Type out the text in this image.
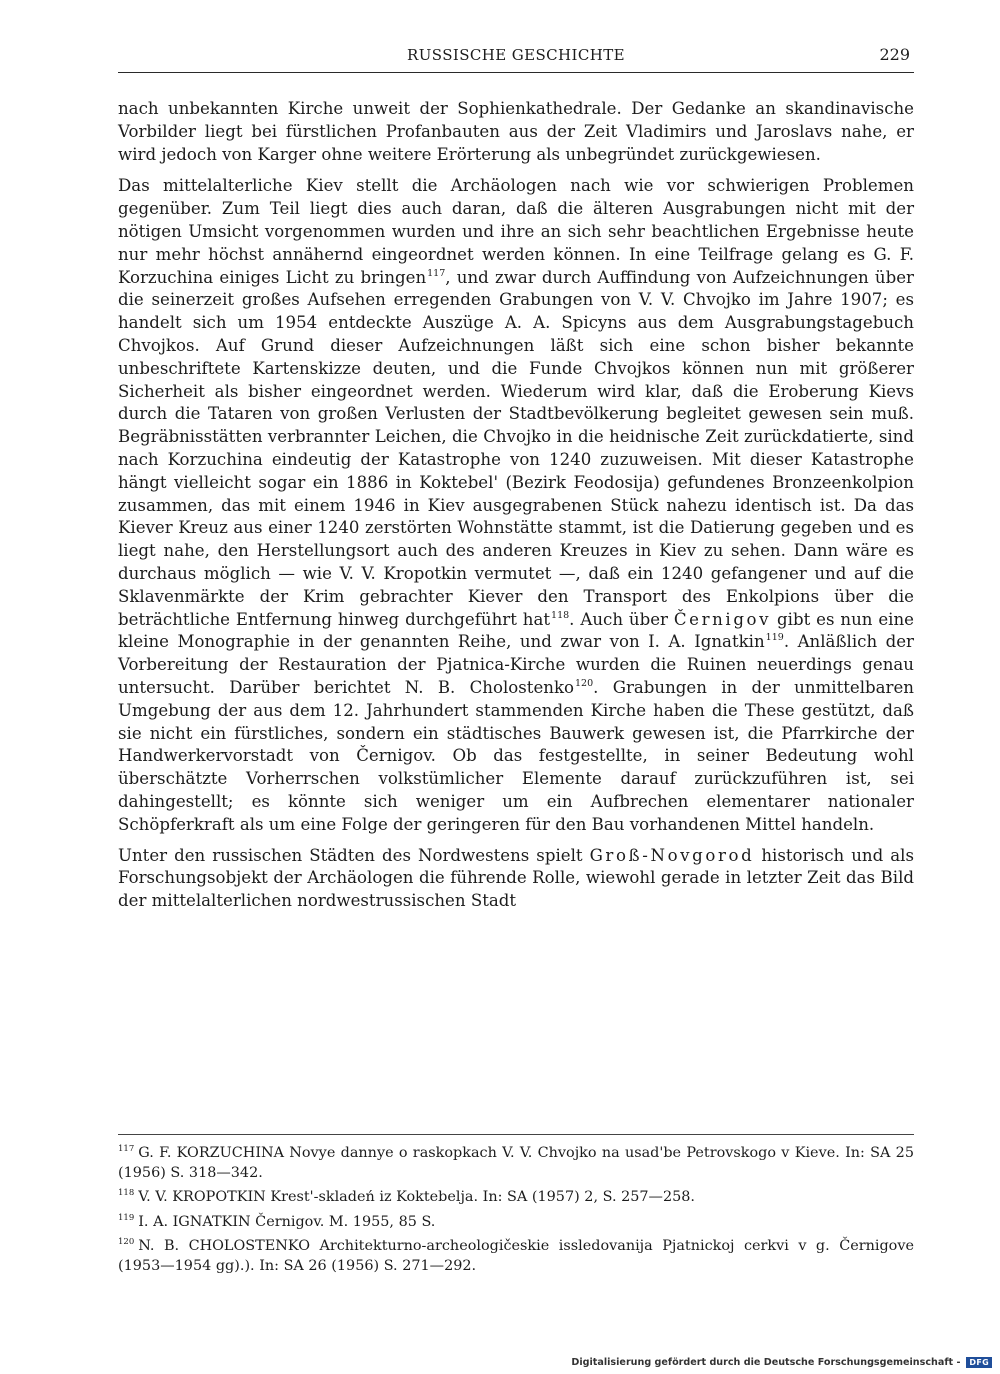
RUSSISCHE GESCHICHTE	229

nach unbekannten Kirche unweit der Sophienkathedrale. Der Gedanke an skandinavische Vorbilder liegt bei fürstlichen Profanbauten aus der Zeit Vladimirs und Jaroslavs nahe, er wird jedoch von Karger ohne weitere Erörterung als unbegründet zurückgewiesen.

Das mittelalterliche Kiev stellt die Archäologen nach wie vor schwierigen Problemen gegenüber. Zum Teil liegt dies auch daran, daß die älteren Ausgrabungen nicht mit der nötigen Umsicht vorgenommen wurden und ihre an sich sehr beachtlichen Ergebnisse heute nur mehr höchst annähernd eingeordnet werden können. In eine Teilfrage gelang es G. F. Korzuchina einiges Licht zu bringen$^{117}$, und zwar durch Auffindung von Aufzeichnungen über die seinerzeit großes Aufsehen erregenden Grabungen von V. V. Chvojko im Jahre 1907; es handelt sich um 1954 entdeckte Auszüge A. A. Spicyns aus dem Ausgrabungstagebuch Chvojkos. Auf Grund dieser Aufzeichnungen läßt sich eine schon bisher bekannte unbeschriftete Kartenskizze deuten, und die Funde Chvojkos können nun mit größerer Sicherheit als bisher eingeordnet werden. Wiederum wird klar, daß die Eroberung Kievs durch die Tataren von großen Verlusten der Stadtbevölkerung begleitet gewesen sein muß. Begräbnisstätten verbrannter Leichen, die Chvojko in die heidnische Zeit zurückdatierte, sind nach Korzuchina eindeutig der Katastrophe von 1240 zuzuweisen. Mit dieser Katastrophe hängt vielleicht sogar ein 1886 in Koktebel' (Bezirk Feodosija) gefundenes Bronzeenkolpion zusammen, das mit einem 1946 in Kiev ausgegrabenen Stück nahezu identisch ist. Da das Kiever Kreuz aus einer 1240 zerstörten Wohnstätte stammt, ist die Datierung gegeben und es liegt nahe, den Herstellungsort auch des anderen Kreuzes in Kiev zu sehen. Dann wäre es durchaus möglich — wie V. V. Kropotkin vermutet —, daß ein 1240 gefangener und auf die Sklavenmärkte der Krim gebrachter Kiever den Transport des Enkolpions über die beträchtliche Entfernung hinweg durchgeführt hat$^{118}$. Auch über Černigov gibt es nun eine kleine Monographie in der genannten Reihe, und zwar von I. A. Ignatkin$^{119}$. Anläßlich der Vorbereitung der Restauration der Pjatnica-Kirche wurden die Ruinen neuerdings genau untersucht. Darüber berichtet N. B. Cholostenko$^{120}$. Grabungen in der unmittelbaren Umgebung der aus dem 12. Jahrhundert stammenden Kirche haben die These gestützt, daß sie nicht ein fürstliches, sondern ein städtisches Bauwerk gewesen ist, die Pfarrkirche der Handwerkervorstadt von Černigov. Ob das festgestellte, in seiner Bedeutung wohl überschätzte Vorherrschen volkstümlicher Elemente darauf zurückzuführen ist, sei dahingestellt; es könnte sich weniger um ein Aufbrechen elementarer nationaler Schöpferkraft als um eine Folge der geringeren für den Bau vorhandenen Mittel handeln.

Unter den russischen Städten des Nordwestens spielt Groß-Novgorod historisch und als Forschungsobjekt der Archäologen die führende Rolle, wiewohl gerade in letzter Zeit das Bild der mittelalterlichen nordwestrussischen Stadt

$^{117}$ G. F. KORZUCHINA Novye dannye o raskopkach V. V. Chvojko na usad'be Petrovskogo v Kieve. In: SA 25 (1956) S. 318—342.

$^{118}$ V. V. KROPOTKIN Krest'-skladeń iz Koktebelja. In: SA (1957) 2, S. 257—258.

$^{119}$ I. A. IGNATKIN Černigov. M. 1955, 85 S.

$^{120}$ N. B. CHOLOSTENKO Architekturno-archeologičeskie issledovanija Pjatnickoj cerkvi v g. Černigove (1953—1954 gg).). In: SA 26 (1956) S. 271—292.

Digitalisierung gefördert durch die Deutsche Forschungsgemeinschaft -	DFG
